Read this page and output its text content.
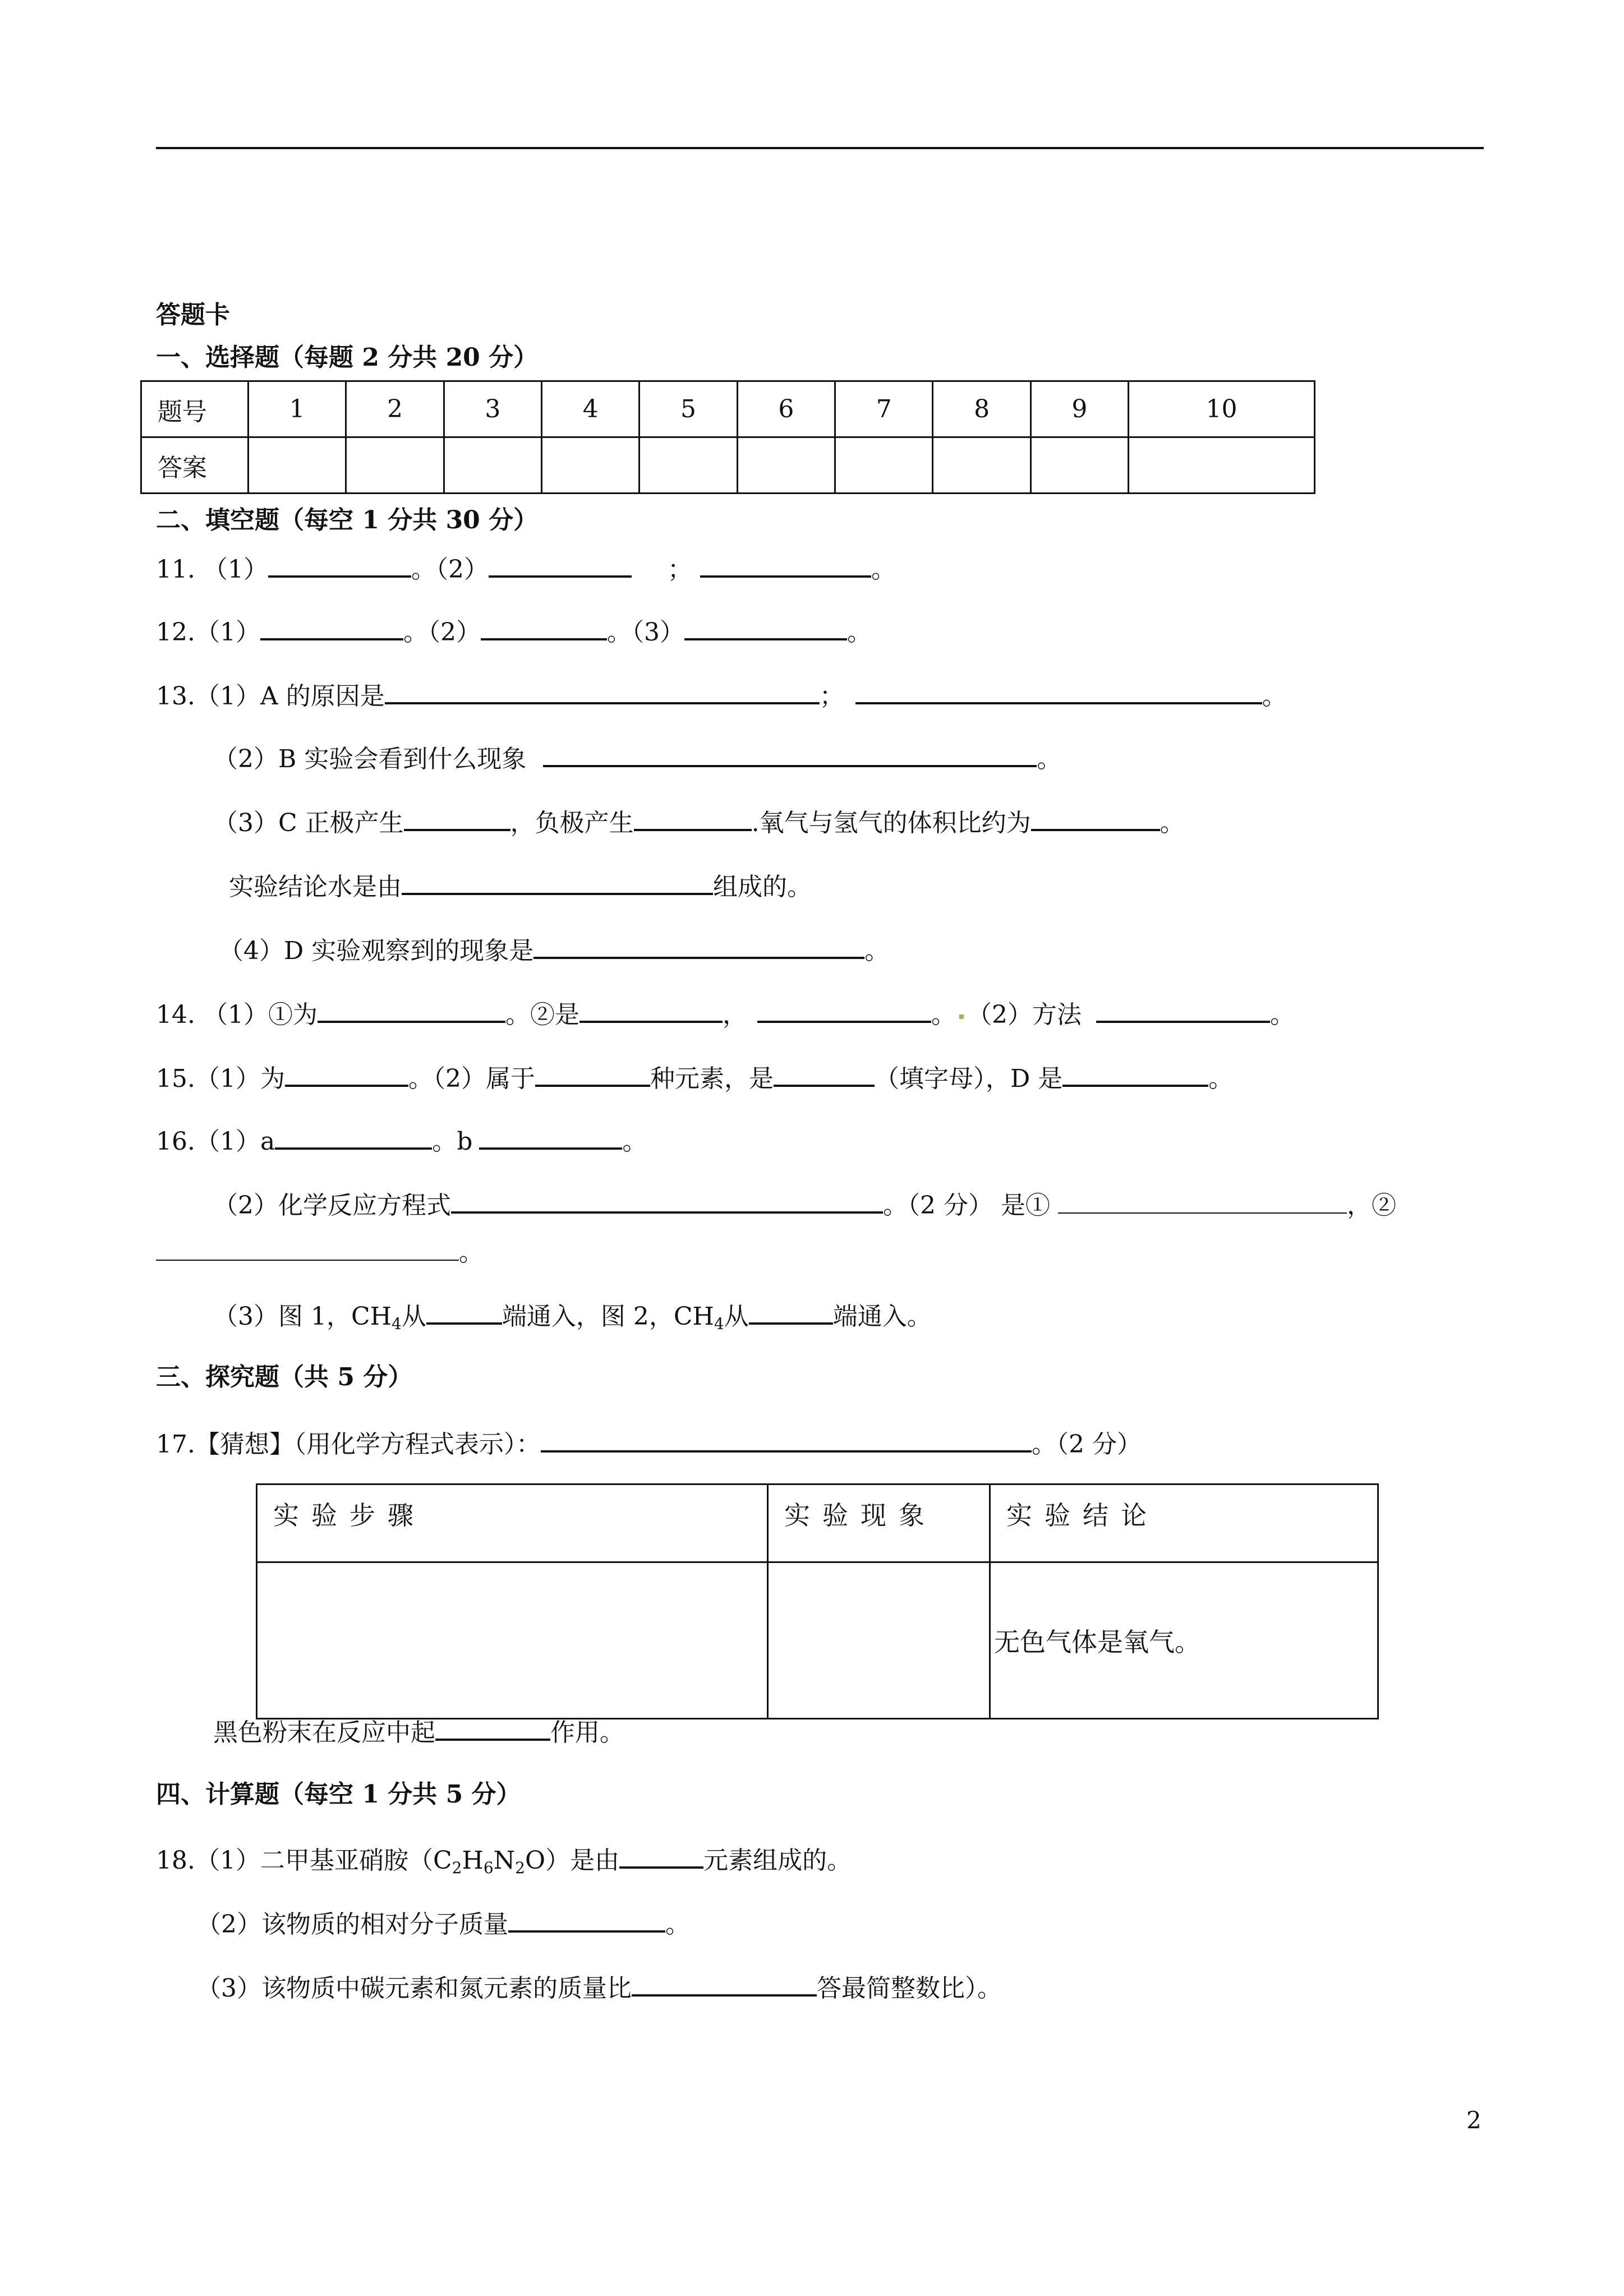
答题卡
一、选择题（每题 2 分共 20 分）
题号	1	2	3	4	5	6	7	8	9	10
答案										
二、填空题（每空 1 分共 30 分）
11. （1）	。（2）	；	。
12.（1）	。（2）	。（3）	。
13.（1）A 的原因是	；	。
（2）B 实验会看到什么现象	。
（3）C 正极产生	，负极产生	.氧气与氢气的体积比约为	。
实验结论水是由	组成的。
（4）D 实验观察到的现象是	。
14. （1）①为	。②是	，	。 （2）方法	。
15.（1）为	。（2）属于	种元素，是	（填字母），D 是	。
16.（1）a	。b	。
（2）化学反应方程式	。（2 分） 是①	，②
。
（3）图 1，$CH_4$从	端通入，图 2，$CH_4$从	端通入。
三、探究题（共 5 分）
17.【猜想】（用化学方程式表示）：	。（2 分）
实验步骤	实验现象	实验结论
		无色气体是氧气。
黑色粉末在反应中起	作用。
四、计算题（每空 1 分共 5 分）
18.（1）二甲基亚硝胺$(C_2H_6N_2O)$是由	元素组成的。
（2）该物质的相对分子质量	。
（3）该物质中碳元素和氮元素的质量比	答最简整数比）。
2
